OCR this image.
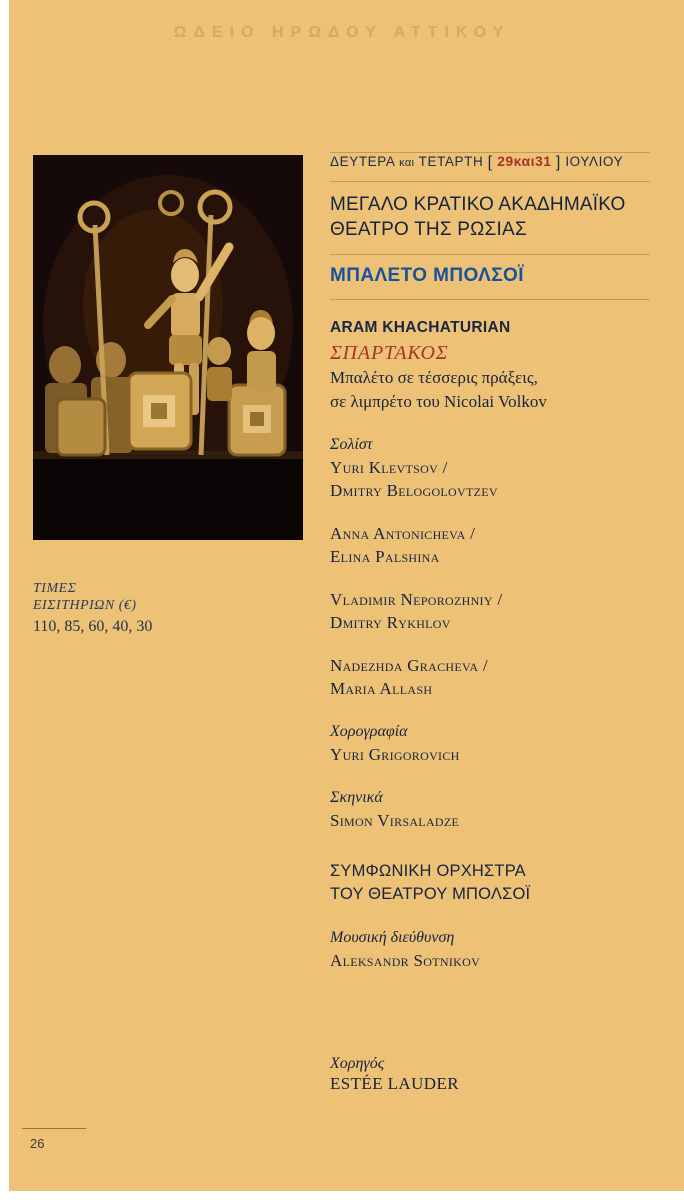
ΩΔΕΙΟ ΗΡΩΔΟΥ ΑΤΤΙΚΟΥ
ΤΙΜΕΣ
ΕΙΣΙΤΗΡΙΩΝ (€)
110, 85, 60, 40, 30
ΔΕΥΤΕΡΑ και ΤΕΤΑΡΤΗ [ 29και31 ] ΙΟΥΛΙΟΥ
ΜΕΓΑΛΟ ΚΡΑΤΙΚΟ ΑΚΑΔΗΜΑΪΚΟ
ΘΕΑΤΡΟ ΤΗΣ ΡΩΣΙΑΣ
ΜΠΑΛΕΤΟ ΜΠΟΛΣΟΪ
ARAM KHACHATURIAN
ΣΠΑΡΤΑΚΟΣ
Μπαλέτο σε τέσσερις πράξεις,
σε λιμπρέτο του Nicolai Volkov
Σολίστ
Yuri Klevtsov /
Dmitry Belogolovtzev
Anna Antonicheva /
Elina Palshina
Vladimir Neporozhniy /
Dmitry Rykhlov
Nadezhda Gracheva /
Maria Allash
Χορογραφία
Yuri Grigorovich
Σκηνικά
Simon Virsaladze
ΣΥΜΦΩΝΙΚΗ ΟΡΧΗΣΤΡΑ
ΤΟΥ ΘΕΑΤΡΟΥ ΜΠΟΛΣΟΪ
Μουσική διεύθυνση
Aleksandr Sotnikov
Χορηγός
ESTÉE LAUDER
26
